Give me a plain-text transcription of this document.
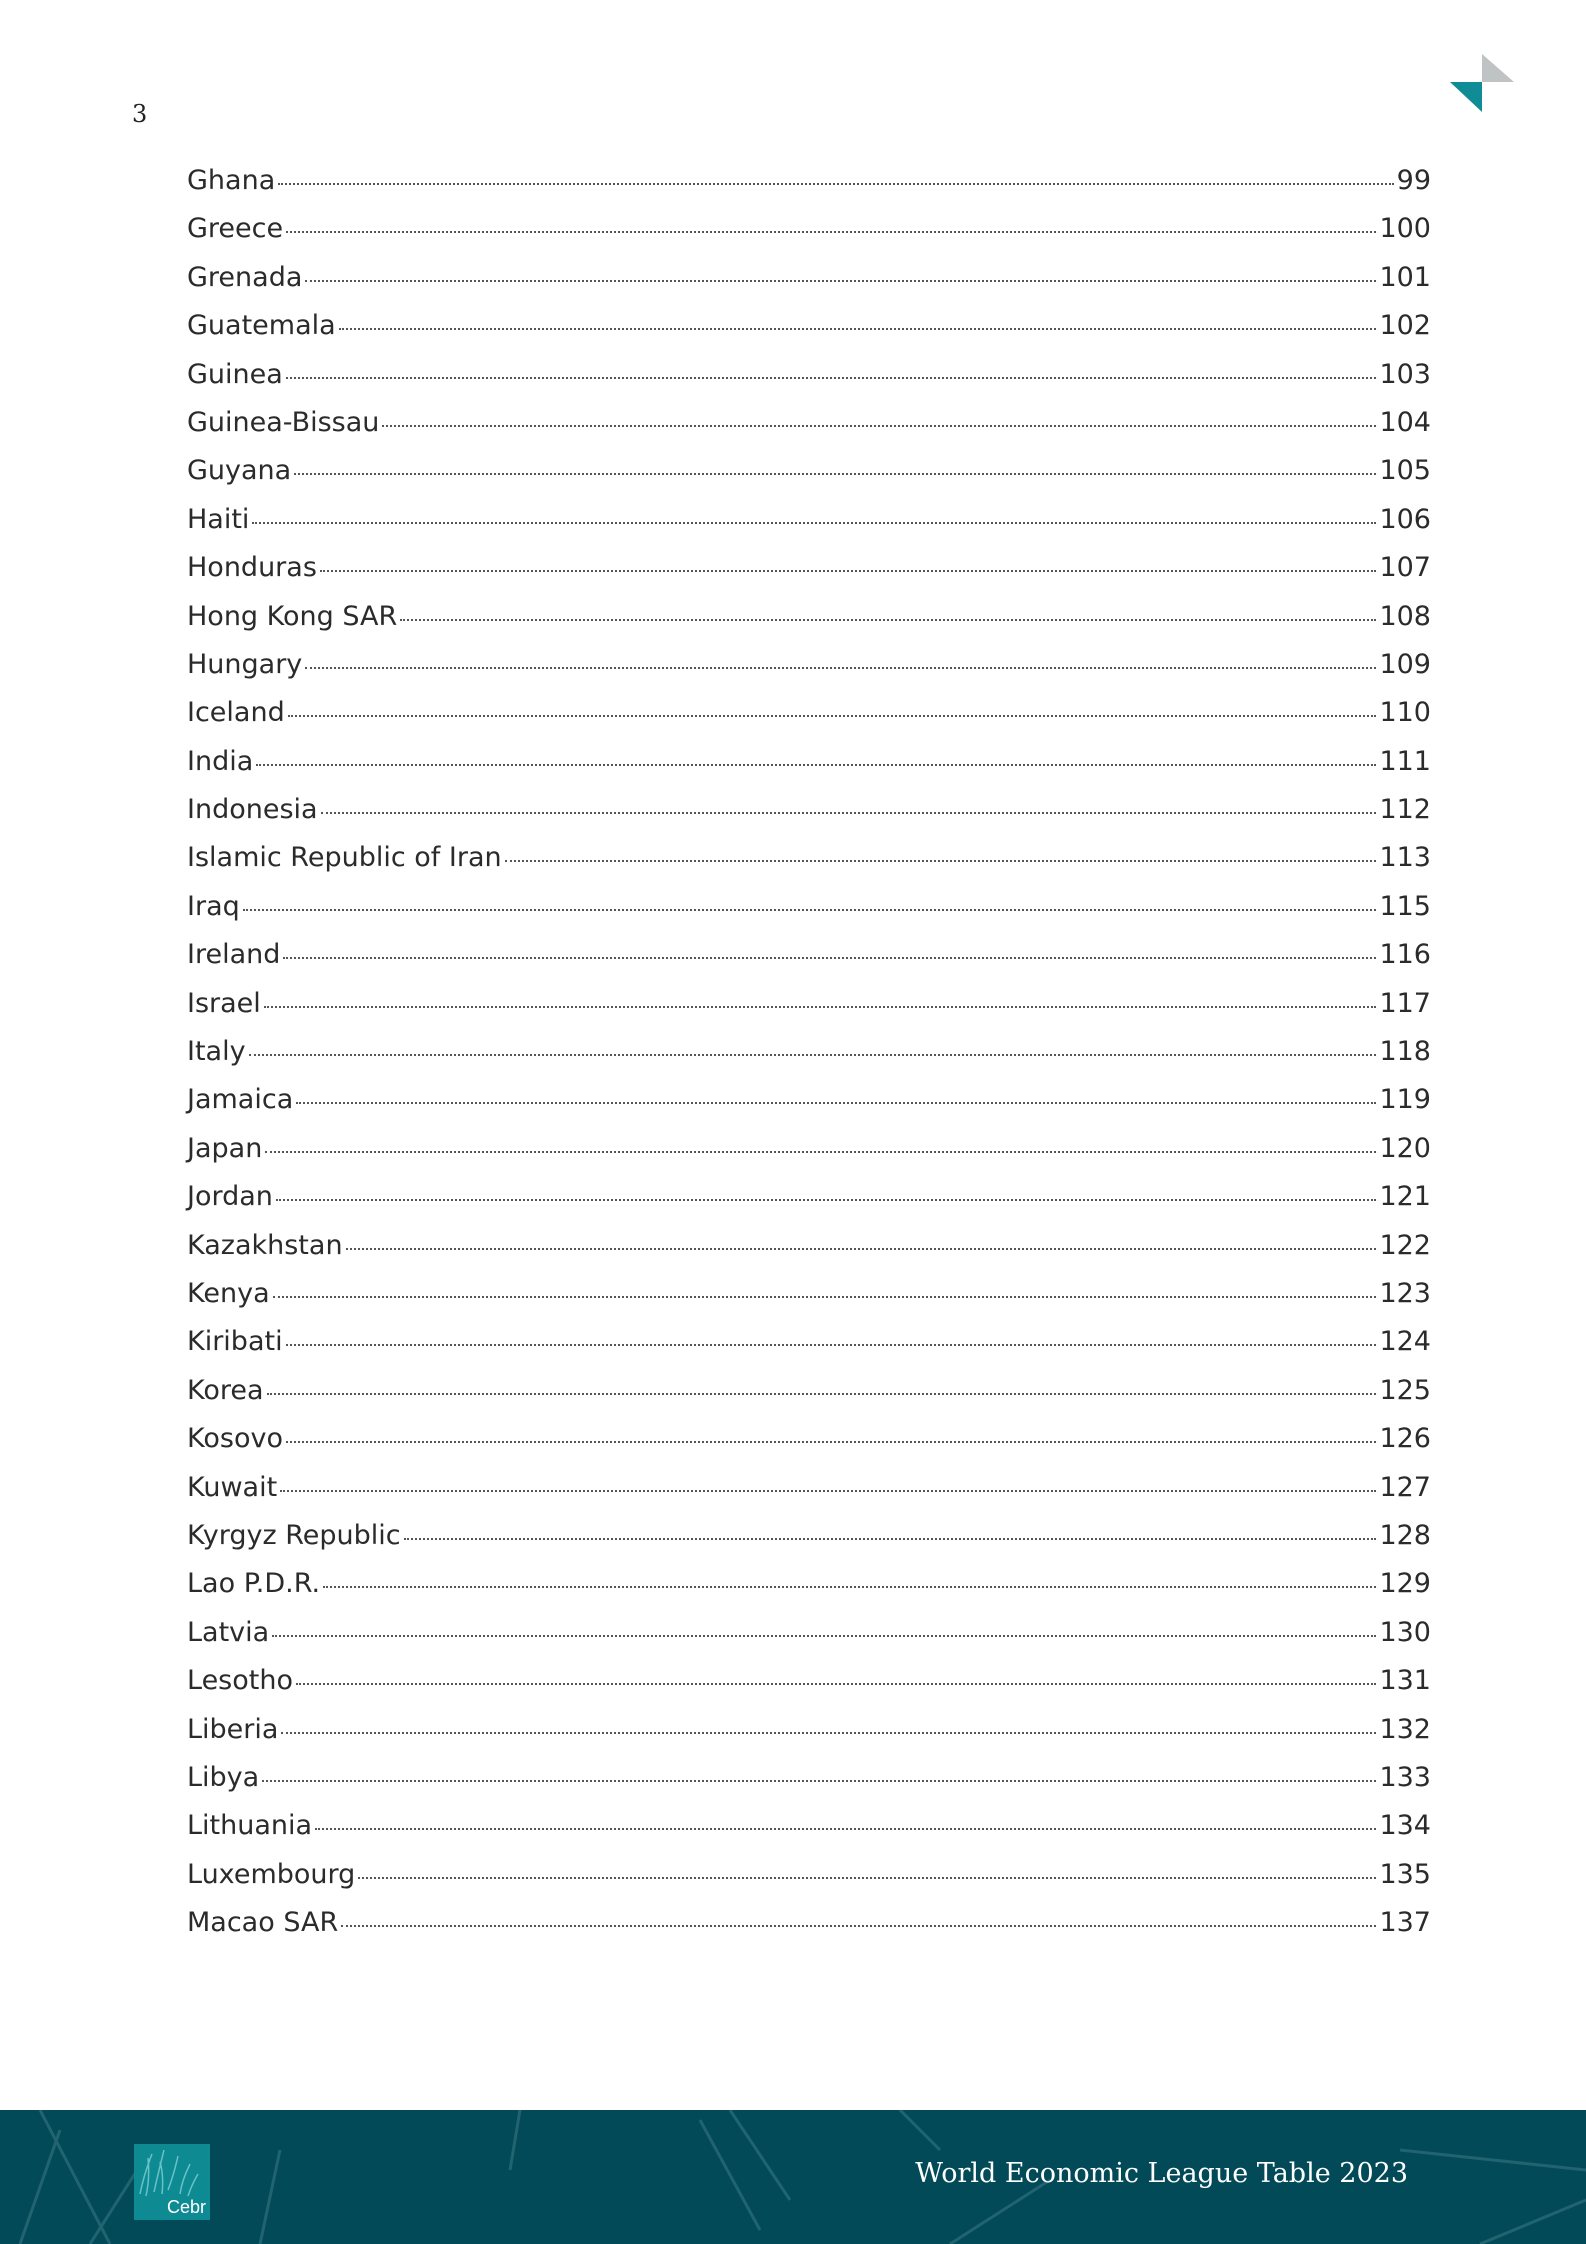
3
Ghana	99
Greece	100
Grenada	101
Guatemala	102
Guinea	103
Guinea-Bissau	104
Guyana	105
Haiti	106
Honduras	107
Hong Kong SAR	108
Hungary	109
Iceland	110
India	111
Indonesia	112
Islamic Republic of Iran	113
Iraq	115
Ireland	116
Israel	117
Italy	118
Jamaica	119
Japan	120
Jordan	121
Kazakhstan	122
Kenya	123
Kiribati	124
Korea	125
Kosovo	126
Kuwait	127
Kyrgyz Republic	128
Lao P.D.R.	129
Latvia	130
Lesotho	131
Liberia	132
Libya	133
Lithuania	134
Luxembourg	135
Macao SAR	137
Cebr
World Economic League Table 2023
